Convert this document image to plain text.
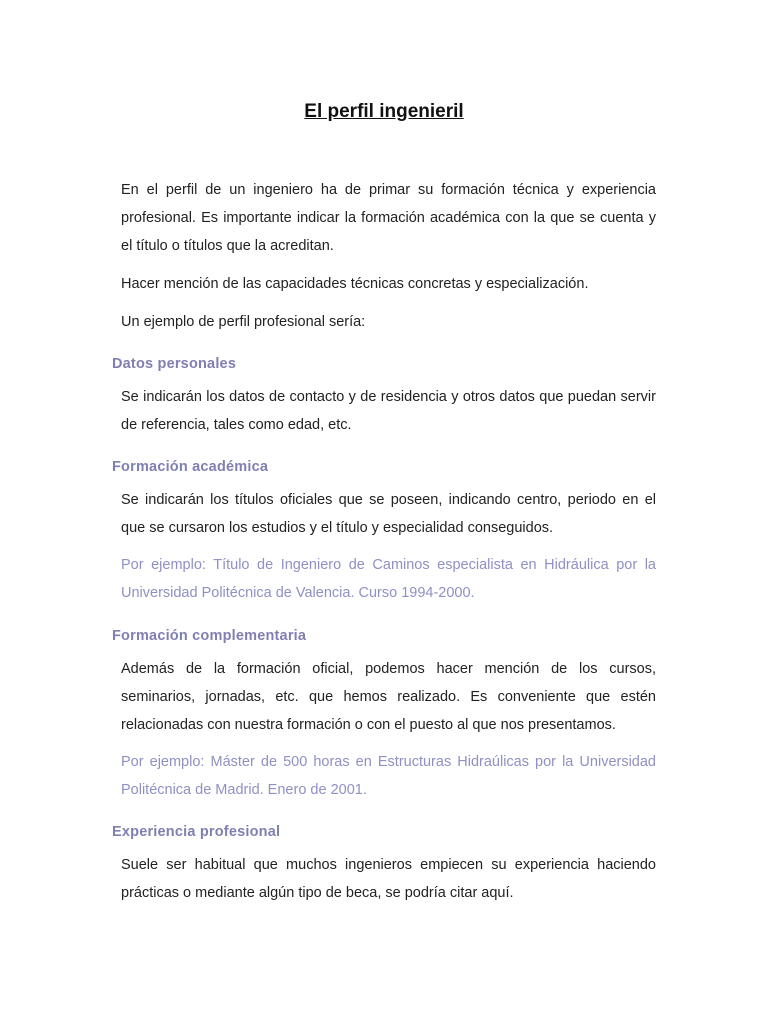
El perfil ingenieril

En el perfil de un ingeniero ha de primar su formación técnica y experiencia profesional. Es importante indicar la formación académica con la que se cuenta y el título o títulos que la acreditan.

Hacer mención de las capacidades técnicas concretas y especialización.

Un ejemplo de perfil profesional sería:

Datos personales

Se indicarán los datos de contacto y de residencia y otros datos que puedan servir de referencia, tales como edad, etc.

Formación académica

Se indicarán los títulos oficiales que se poseen, indicando centro, periodo en el que se cursaron los estudios y el título y especialidad conseguidos.

Por ejemplo: Título de Ingeniero de Caminos especialista en Hidráulica por la Universidad Politécnica de Valencia. Curso 1994-2000.

Formación complementaria

Además de la formación oficial, podemos hacer mención de los cursos, seminarios, jornadas, etc. que hemos realizado. Es conveniente que estén relacionadas con nuestra formación o con el puesto al que nos presentamos.

Por ejemplo: Máster de 500 horas en Estructuras Hidraúlicas por la Universidad Politécnica de Madrid. Enero de 2001.

Experiencia profesional

Suele ser habitual que muchos ingenieros empiecen su experiencia haciendo prácticas o mediante algún tipo de beca, se podría citar aquí.
